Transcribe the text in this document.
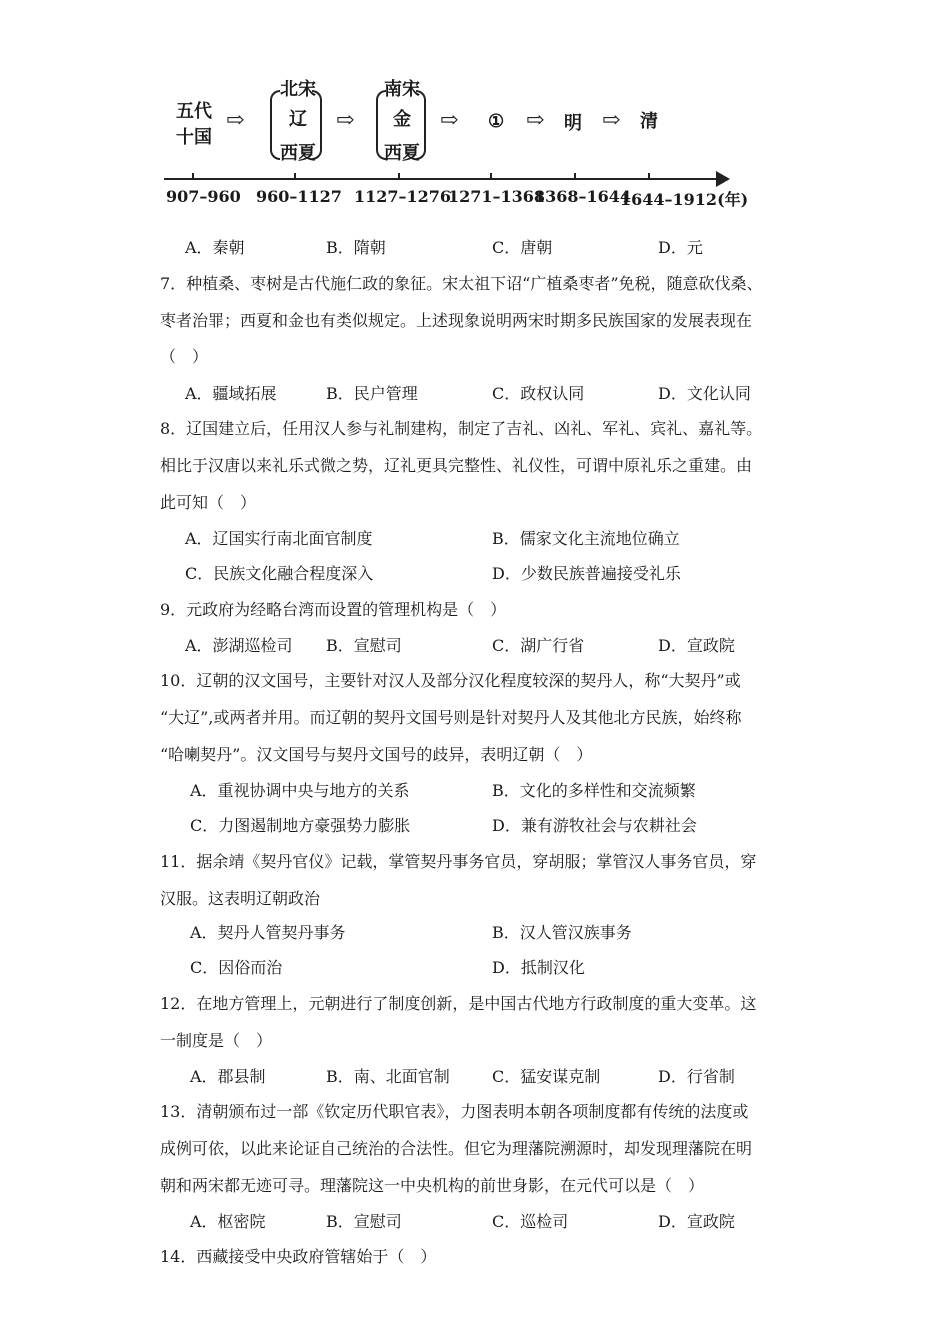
五代
十国
⇨
北宋
辽
西夏
⇨
南宋
金
西夏
⇨ ① ⇨ 明 ⇨ 清
907–960 960–1127 1127–1276
1271–1368
1368–1644
1644–1912(年)
A．秦朝	B．隋朝	C．唐朝	D．元
7．种植桑、枣树是古代施仁政的象征。宋太祖下诏“广植桑枣者”免税，随意砍伐桑、
枣者治罪；西夏和金也有类似规定。上述现象说明两宋时期多民族国家的发展表现在
（　）
A．疆域拓展	B．民户管理	C．政权认同	D．文化认同
8．辽国建立后，任用汉人参与礼制建构，制定了吉礼、凶礼、军礼、宾礼、嘉礼等。
相比于汉唐以来礼乐式微之势，辽礼更具完整性、礼仪性，可谓中原礼乐之重建。由
此可知（　）
A．辽国实行南北面官制度	B．儒家文化主流地位确立
C．民族文化融合程度深入	D．少数民族普遍接受礼乐
9．元政府为经略台湾而设置的管理机构是（　）
A．澎湖巡检司 B．宣慰司	C．湖广行省	D．宣政院
10．辽朝的汉文国号，主要针对汉人及部分汉化程度较深的契丹人，称“大契丹”或
“大辽”,或两者并用。而辽朝的契丹文国号则是针对契丹人及其他北方民族，始终称
“哈喇契丹”。汉文国号与契丹文国号的歧异，表明辽朝（　）
A．重视协调中央与地方的关系	B．文化的多样性和交流频繁
C．力图遏制地方豪强势力膨胀	D．兼有游牧社会与农耕社会
11．据余靖《契丹官仪》记载，掌管契丹事务官员，穿胡服；掌管汉人事务官员，穿
汉服。这表明辽朝政治
A．契丹人管契丹事务	B．汉人管汉族事务
C．因俗而治	D．抵制汉化
12．在地方管理上，元朝进行了制度创新，是中国古代地方行政制度的重大变革。这
一制度是（　）
A．郡县制	B．南、北面官制	C．猛安谋克制	D．行省制
13．清朝颁布过一部《钦定历代职官表》，力图表明本朝各项制度都有传统的法度或
成例可依，以此来论证自己统治的合法性。但它为理藩院溯源时，却发现理藩院在明
朝和两宋都无迹可寻。理藩院这一中央机构的前世身影，在元代可以是（　）
A．枢密院	B．宣慰司	C．巡检司	D．宣政院
14．西藏接受中央政府管辖始于（　）
